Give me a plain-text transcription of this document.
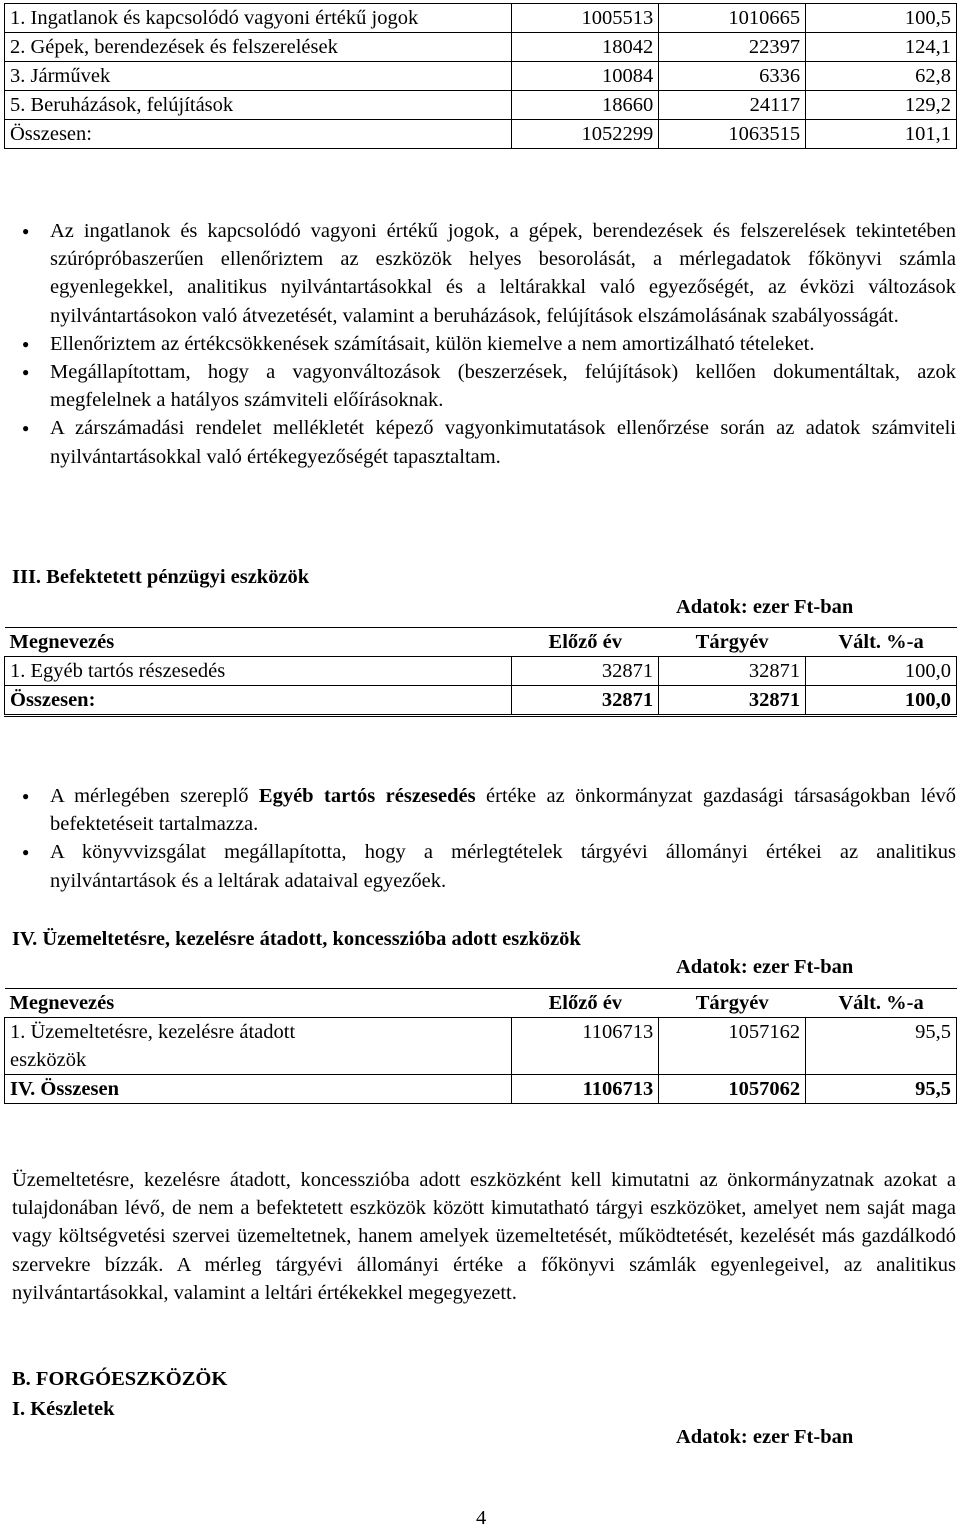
1. Ingatlanok és kapcsolódó vagyoni értékű jogok	1005513	1010665	100,5
2. Gépek, berendezések és felszerelések	18042	22397	124,1
3. Járművek	10084	6336	62,8
5. Beruházások, felújítások	18660	24117	129,2
Összesen:	1052299	1063515	101,1
● Az ingatlanok és kapcsolódó vagyoni értékű jogok, a gépek, berendezések és felszerelések tekintetében szúrópróbaszerűen ellenőriztem az eszközök helyes besorolását, a mérlegadatok főkönyvi számla egyenlegekkel, analitikus nyilvántartásokkal és a leltárakkal való egyezőségét, az évközi változások nyilvántartásokon való átvezetését, valamint a beruházások, felújítások elszámolásának szabályosságát.
● Ellenőriztem az értékcsökkenések számításait, külön kiemelve a nem amortizálható tételeket.
● Megállapítottam, hogy a vagyonváltozások (beszerzések, felújítások) kellően dokumentáltak, azok megfelelnek a hatályos számviteli előírásoknak.
● A zárszámadási rendelet mellékletét képező vagyonkimutatások ellenőrzése során az adatok számviteli nyilvántartásokkal való értékegyezőségét tapasztaltam.
III. Befektetett pénzügyi eszközök
Adatok: ezer Ft-ban
Megnevezés	Előző év	Tárgyév	Vált. %-a
1. Egyéb tartós részesedés	32871	32871	100,0
Összesen:	32871	32871	100,0
● A mérlegében szereplő Egyéb tartós részesedés értéke az önkormányzat gazdasági társaságokban lévő befektetéseit tartalmazza.
● A könyvvizsgálat megállapította, hogy a mérlegtételek tárgyévi állományi értékei az analitikus nyilvántartások és a leltárak adataival egyezőek.
IV. Üzemeltetésre, kezelésre átadott, koncesszióba adott eszközök
Adatok: ezer Ft-ban
Megnevezés	Előző év	Tárgyév	Vált. %-a
1. Üzemeltetésre, kezelésre átadott eszközök	1106713	1057162	95,5
IV. Összesen	1106713	1057062	95,5
Üzemeltetésre, kezelésre átadott, koncesszióba adott eszközként kell kimutatni az önkormányzatnak azokat a tulajdonában lévő, de nem a befektetett eszközök között kimutatható tárgyi eszközöket, amelyet nem saját maga vagy költségvetési szervei üzemeltetnek, hanem amelyek üzemeltetését, működtetését, kezelését más gazdálkodó szervekre bízzák. A mérleg tárgyévi állományi értéke a főkönyvi számlák egyenlegeivel, az analitikus nyilvántartásokkal, valamint a leltári értékekkel megegyezett.
B. FORGÓESZKÖZÖK
I. Készletek
Adatok: ezer Ft-ban
4
